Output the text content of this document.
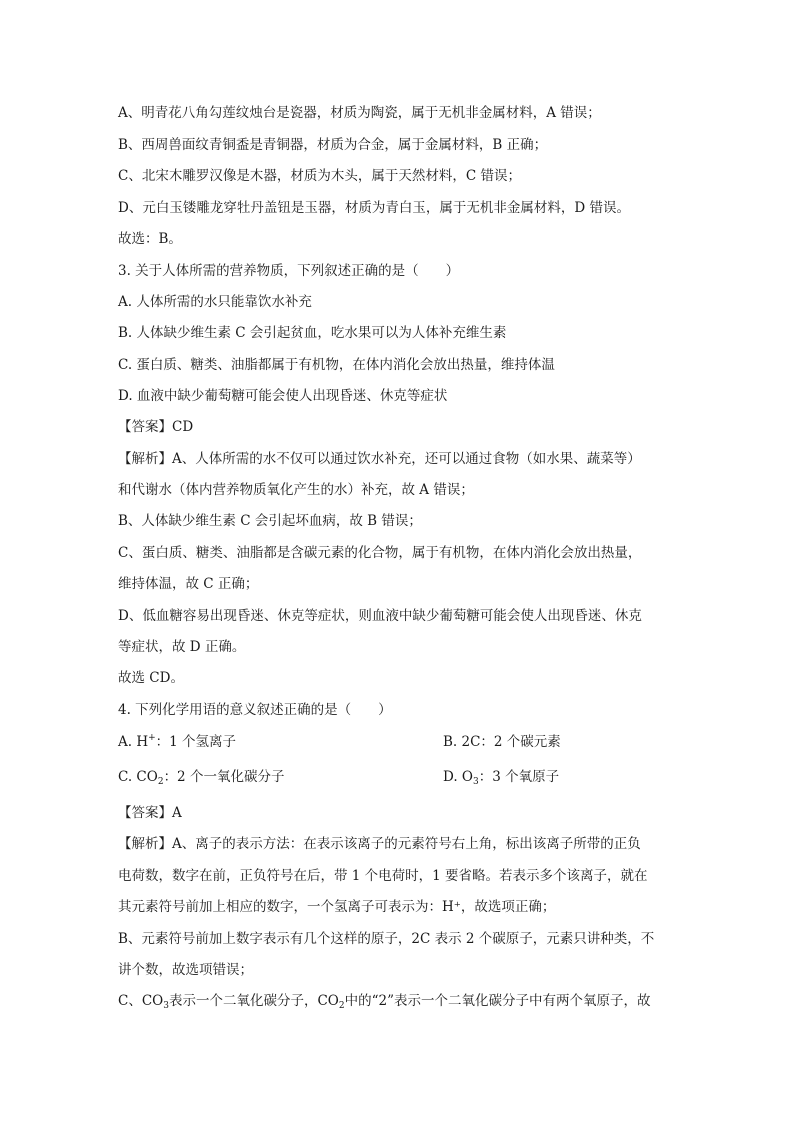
A、明青花八角勾莲纹烛台是瓷器，材质为陶瓷，属于无机非金属材料，A 错误；
B、西周兽面纹青铜盉是青铜器，材质为合金，属于金属材料，B 正确；
C、北宋木雕罗汉像是木器，材质为木头，属于天然材料，C 错误；
D、元白玉镂雕龙穿牡丹盖钮是玉器，材质为青白玉，属于无机非金属材料，D 错误。
故选：B。
3. 关于人体所需的营养物质，下列叙述正确的是（　　）
A. 人体所需的水只能靠饮水补充
B. 人体缺少维生素 C 会引起贫血，吃水果可以为人体补充维生素
C. 蛋白质、糖类、油脂都属于有机物，在体内消化会放出热量，维持体温
D. 血液中缺少葡萄糖可能会使人出现昏迷、休克等症状
【答案】CD
【解析】A、人体所需的水不仅可以通过饮水补充，还可以通过食物（如水果、蔬菜等）
和代谢水（体内营养物质氧化产生的水）补充，故 A 错误；
B、人体缺少维生素 C 会引起坏血病，故 B 错误；
C、蛋白质、糖类、油脂都是含碳元素的化合物，属于有机物，在体内消化会放出热量，
维持体温，故 C 正确；
D、低血糖容易出现昏迷、休克等症状，则血液中缺少葡萄糖可能会使人出现昏迷、休克
等症状，故 D 正确。
故选 CD。
4. 下列化学用语的意义叙述正确的是（　　）
A. H+：1 个氢离子	B. 2C：2 个碳元素
C. $CO_2$：2 个一氧化碳分子	D. $O_3$：3 个氧原子
【答案】A
【解析】A、离子的表示方法：在表示该离子的元素符号右上角，标出该离子所带的正负
电荷数，数字在前，正负符号在后，带 1 个电荷时，1 要省略。若表示多个该离子，就在
其元素符号前加上相应的数字，一个氢离子可表示为：H⁺，故选项正确；
B、元素符号前加上数字表示有几个这样的原子，2C 表示 2 个碳原子，元素只讲种类，不
讲个数，故选项错误；
C、$CO_3$表示一个二氧化碳分子，$CO_2$中的“2”表示一个二氧化碳分子中有两个氧原子，故
